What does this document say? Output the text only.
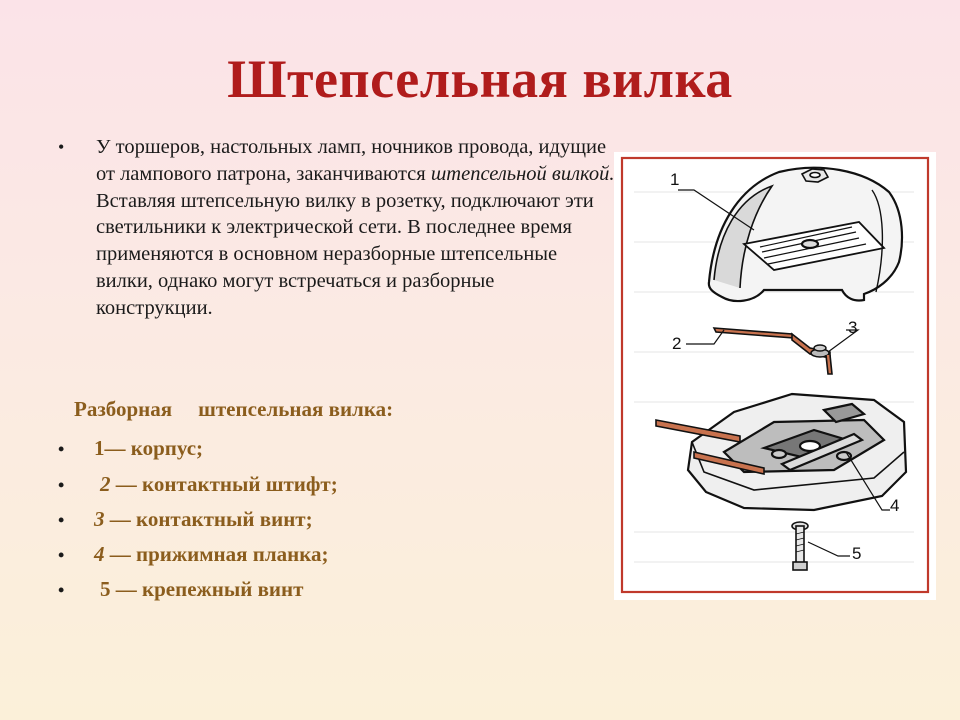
Штепсельная вилка
• У торшеров, настольных ламп, ночников провода, идущие от лампового патрона, заканчиваются штепсельной вилкой. Вставляя штепсельную вилку в розетку, подключают эти светильники к электрической сети. В последнее время применяются в основном неразборные штепсельные вилки, однако могут встречаться и разборные конструкции.
Разборная штепсельная вилка:
• 1— корпус;
• 2 — контактный штифт;
• 3 — контактный винт;
• 4 — прижимная планка;
• 5 — крепежный винт
1
2
3
4
5
